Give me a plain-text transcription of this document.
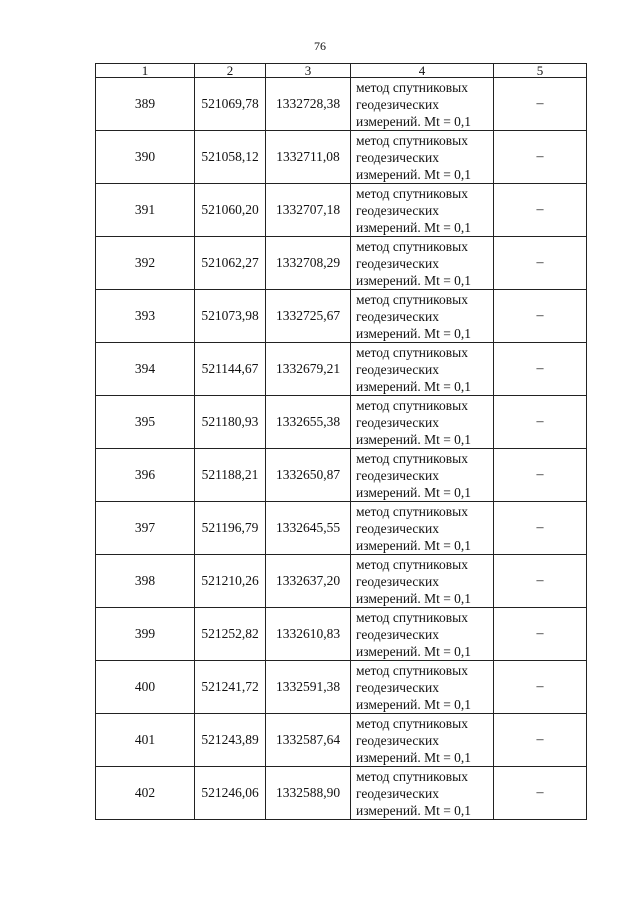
76
1	2	3	4	5
389	521069,78	1332728,38	метод спутниковых
геодезических
измерений. Mt = 0,1	–
390	521058,12	1332711,08	метод спутниковых
геодезических
измерений. Mt = 0,1	–
391	521060,20	1332707,18	метод спутниковых
геодезических
измерений. Mt = 0,1	–
392	521062,27	1332708,29	метод спутниковых
геодезических
измерений. Mt = 0,1	–
393	521073,98	1332725,67	метод спутниковых
геодезических
измерений. Mt = 0,1	–
394	521144,67	1332679,21	метод спутниковых
геодезических
измерений. Mt = 0,1	–
395	521180,93	1332655,38	метод спутниковых
геодезических
измерений. Mt = 0,1	–
396	521188,21	1332650,87	метод спутниковых
геодезических
измерений. Mt = 0,1	–
397	521196,79	1332645,55	метод спутниковых
геодезических
измерений. Mt = 0,1	–
398	521210,26	1332637,20	метод спутниковых
геодезических
измерений. Mt = 0,1	–
399	521252,82	1332610,83	метод спутниковых
геодезических
измерений. Mt = 0,1	–
400	521241,72	1332591,38	метод спутниковых
геодезических
измерений. Mt = 0,1	–
401	521243,89	1332587,64	метод спутниковых
геодезических
измерений. Mt = 0,1	–
402	521246,06	1332588,90	метод спутниковых
геодезических
измерений. Mt = 0,1	–
